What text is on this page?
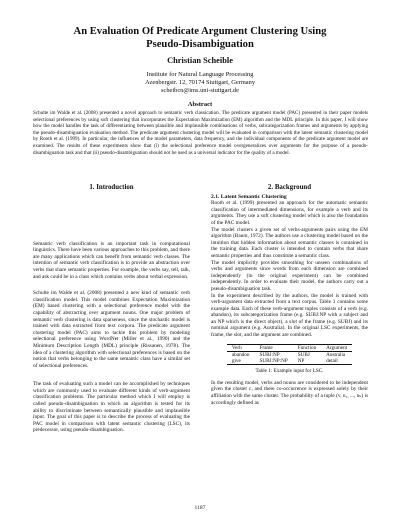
An Evaluation Of Predicate Argument Clustering Using
Pseudo-Disambiguation
Christian Scheible
Institute for Natural Language Processing
Azenbergstr. 12, 70174 Stuttgart, Germany
scheibcn@ims.uni-stuttgart.de
Abstract
Schulte im Walde et al. (2008) presented a novel approach to semantic verb classication. The predicate argument model (PAC) presented in their paper models selectional preferences by using soft clustering that incorporates the Expectation Maximization (EM) algorithm and the MDL principle. In this paper, I will show how the model handles the task of differentiating between plausible and implausible combinations of verbs, subcategorization frames and arguments by applying the pseudo-disambiguation evaluation method. The predicate argument clustering model will be evaluated in comparison with the latent semantic clustering model by Rooth et al. (1999). In particular, the influences of the model parameters, data frequency, and the individual components of the predicate argument model are examined. The results of these experiments show that (i) the selectional preference model overgeneralizes over arguments for the purpose of a pseudo-disambiguation task and that (ii) pseudo-disambiguation should not be used as a universal indicator for the quality of a model.
1. Introduction

Semantic verb classification is an important task in computational linguistics. There have been various approaches to this problem, and there are many applications which can benefit from semantic verb classes. The intention of semantic verb classification is to provide an abstraction over verbs that share semantic properties. For example, the verbs say, tell, talk, and ask could be in a class which contains verbs about verbal expression.

Schulte im Walde et al. (2008) presented a new kind of semantic verb classification model. This model combines Expectation Maximization (EM) based clustering with a selectional preference model with the capability of abstracting over argument nouns. One major problem of semantic verb clustering is data sparseness, since the stochastic model is trained with data extracted from text corpora. The predicate argument clustering model (PAC) aims to tackle this problem by modeling selectional preference using WordNet (Miller et al., 1990) and the Minimum Description Length (MDL) principle (Rissanen, 1978). The idea of a clustering algorithm with selectional preferences is based on the notion that verbs belonging to the same semantic class have a similar set of selectional preferences.

The task of evaluating such a model can be accomplished by techniques which are commonly used to evaluate different kinds of verb-argument classification problems. The particular method which I will employ is called pseudo-disambiguation in which an algorithm is tested for its ability to discriminate between semantically plausible and implausible input. The goal of this paper is to describe the process of evaluating the PAC model in comparison with latent semantic clustering (LSC), its predecessor, using pseudo-disambiguation.

2. Background
2.1. Latent Semantic Clustering

Rooth et al. (1999) presented an approach for the automatic semantic classification of intermediated dimensions, for example a verb and its arguments. They use a soft clustering model which is also the foundation of the PAC model.

The model clusters a given set of verbs-arguments pairs using the EM algorithm (Baum, 1972). The authors use a clustering model based on the intuition that hidden information about semantic classes is contained in the training data. Each cluster is intended to contain verbs that share semantic properties and thus constitute a semantic class.

The model implicitly provides smoothing for unseen combinations of verbs and arguments since words from each dimension are combined independently (in the original experiment) can be combined independently. In order to evaluate their model, the authors carry out a pseudo-disambiguation task.

In the experiment described by the authors, the model is trained with verb-argument data extracted from a text corpus. Table 1 contains some example data. Each of these verb-argument tuples consists of a verb (e.g. abandon), its subcategorization frame (e.g. SUBJ:NP with a subject and an NP which is the direct object), a slot of the frame (e.g. SUBJ) and its nominal argument (e.g. Australia). In the original LSC experiments, the frame, the slot, and the argument are combined.

Verb	Frame	Function	Argument
abandon	SUBJ:NP	SUBJ	Australia
give	SUBJ:NP:NP	NP	detail
Table 1: Example input for LSC.

In the resulting model, verbs and nouns are considered to be independent given the cluster c, and there co-occurrence is expressed solely by their affiliation with the same cluster. The probability of a tuple (v, n₁, ..., nₖ) is accordingly defined as

1187
